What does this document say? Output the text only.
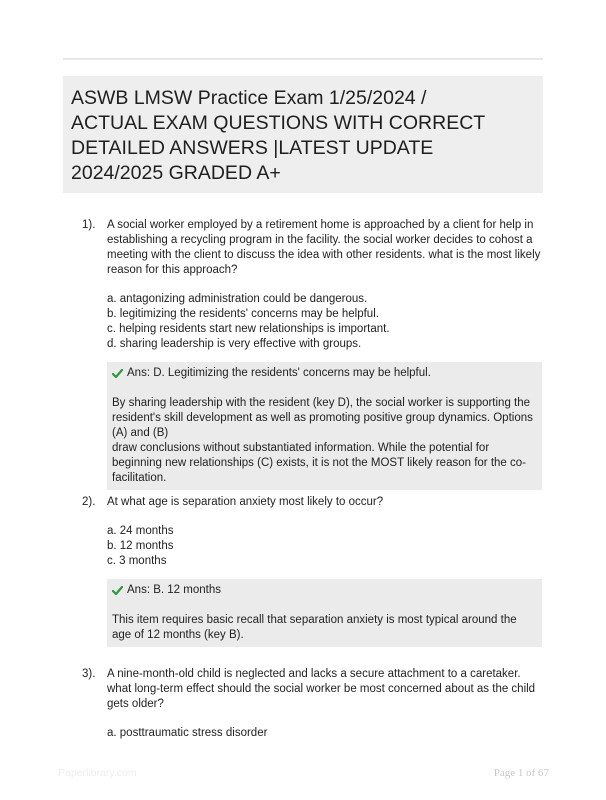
ASWB LMSW Practice Exam 1/25/2024 /
ACTUAL EXAM QUESTIONS WITH CORRECT
DETAILED ANSWERS |LATEST UPDATE
2024/2025 GRADED A+
1). A social worker employed by a retirement home is approached by a client for help in establishing a recycling program in the facility. the social worker decides to cohost a meeting with the client to discuss the idea with other residents. what is the most likely reason for this approach?
a. antagonizing administration could be dangerous.
b. legitimizing the residents' concerns may be helpful.
c. helping residents start new relationships is important.
d. sharing leadership is very effective with groups.
Ans: D. Legitimizing the residents' concerns may be helpful.
By sharing leadership with the resident (key D), the social worker is supporting the resident's skill development as well as promoting positive group dynamics. Options (A) and (B)
draw conclusions without substantiated information. While the potential for beginning new relationships (C) exists, it is not the MOST likely reason for the co-facilitation.
2). At what age is separation anxiety most likely to occur?
a. 24 months
b. 12 months
c. 3 months
Ans: B. 12 months
This item requires basic recall that separation anxiety is most typical around the age of 12 months (key B).
3). A nine-month-old child is neglected and lacks a secure attachment to a caretaker. what long-term effect should the social worker be most concerned about as the child gets older?
a. posttraumatic stress disorder
Paperlibrary.com	Page 1 of 67
